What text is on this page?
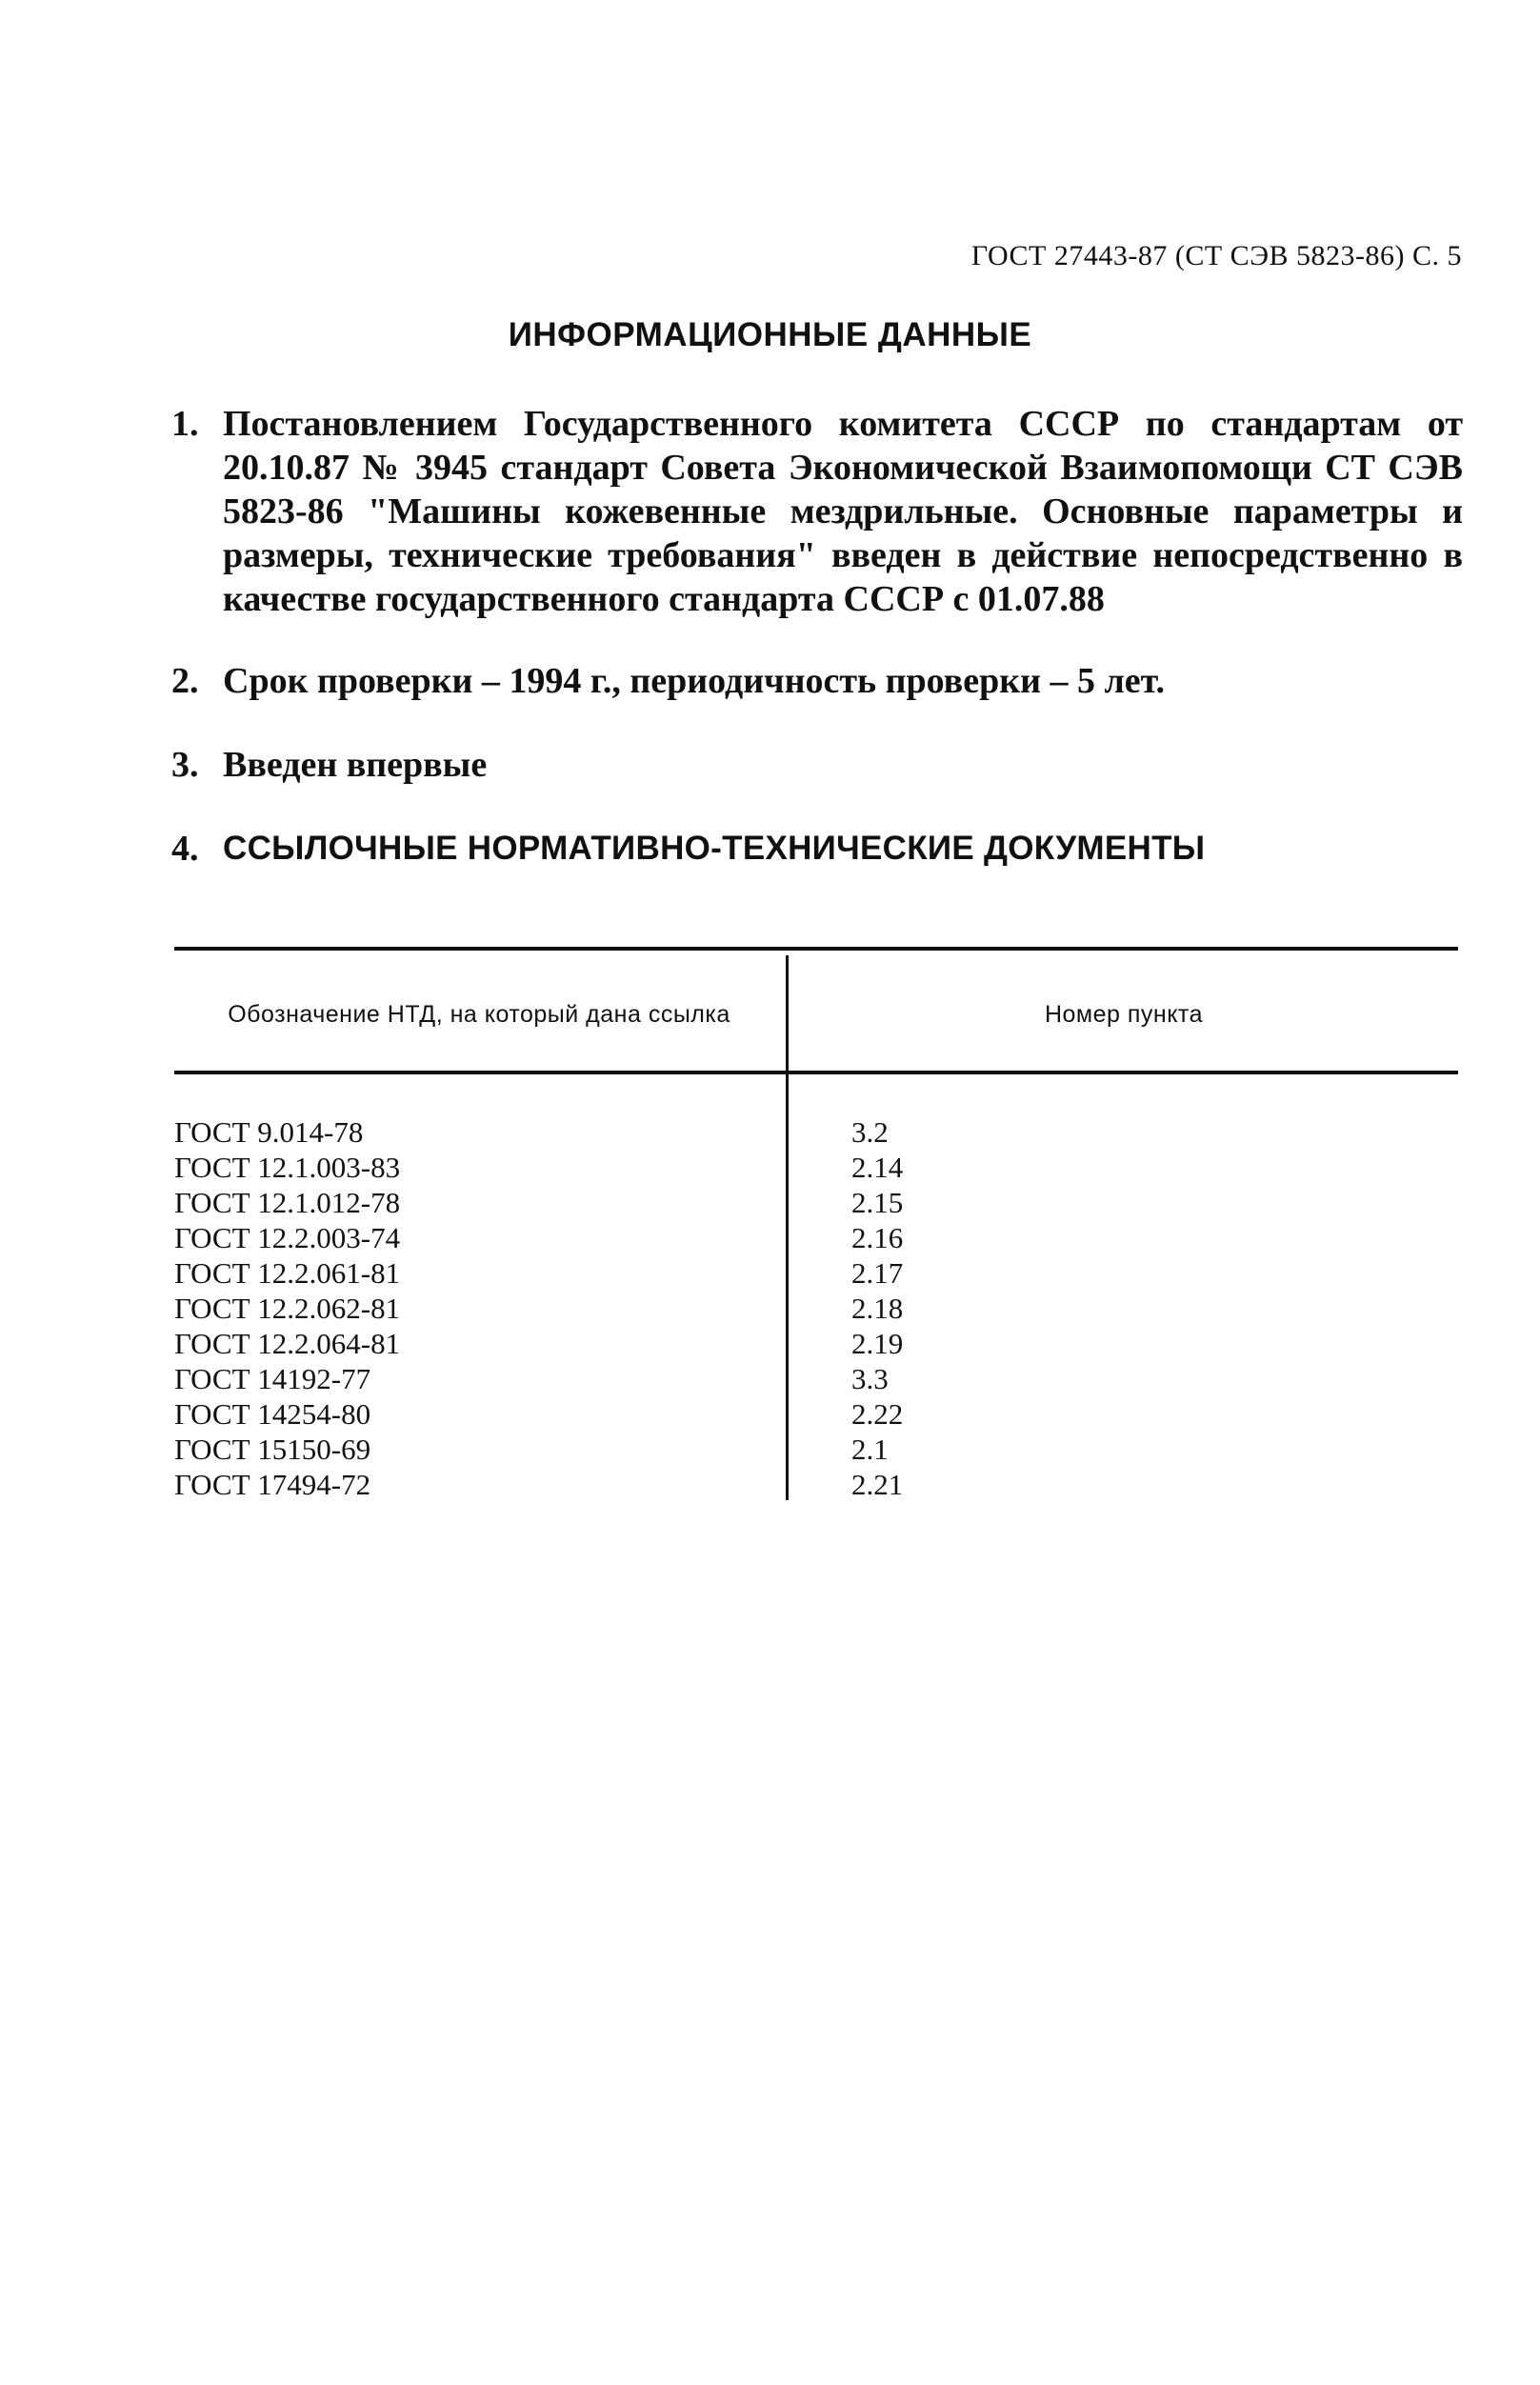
ГОСТ 27443-87 (СТ СЭВ 5823-86) С. 5
ИНФОРМАЦИОННЫЕ ДАННЫЕ
1. Постановлением Государственного комитета СССР по стандартам от 20.10.87 № 3945 стандарт Совета Экономической Взаимопомощи СТ СЭВ 5823-86 "Машины кожевенные мездрильные. Основные параметры и размеры, технические требования" введен в действие непосредственно в качестве государственного стандарта СССР с 01.07.88
2. Срок проверки – 1994 г., периодичность проверки – 5 лет.
3. Введен впервые
4. ССЫЛОЧНЫЕ НОРМАТИВНО-ТЕХНИЧЕСКИЕ ДОКУМЕНТЫ
Обозначение НТД, на который дана ссылка	Номер пункта
ГОСТ 9.014-78	3.2
ГОСТ 12.1.003-83	2.14
ГОСТ 12.1.012-78	2.15
ГОСТ 12.2.003-74	2.16
ГОСТ 12.2.061-81	2.17
ГОСТ 12.2.062-81	2.18
ГОСТ 12.2.064-81	2.19
ГОСТ 14192-77	3.3
ГОСТ 14254-80	2.22
ГОСТ 15150-69	2.1
ГОСТ 17494-72	2.21
